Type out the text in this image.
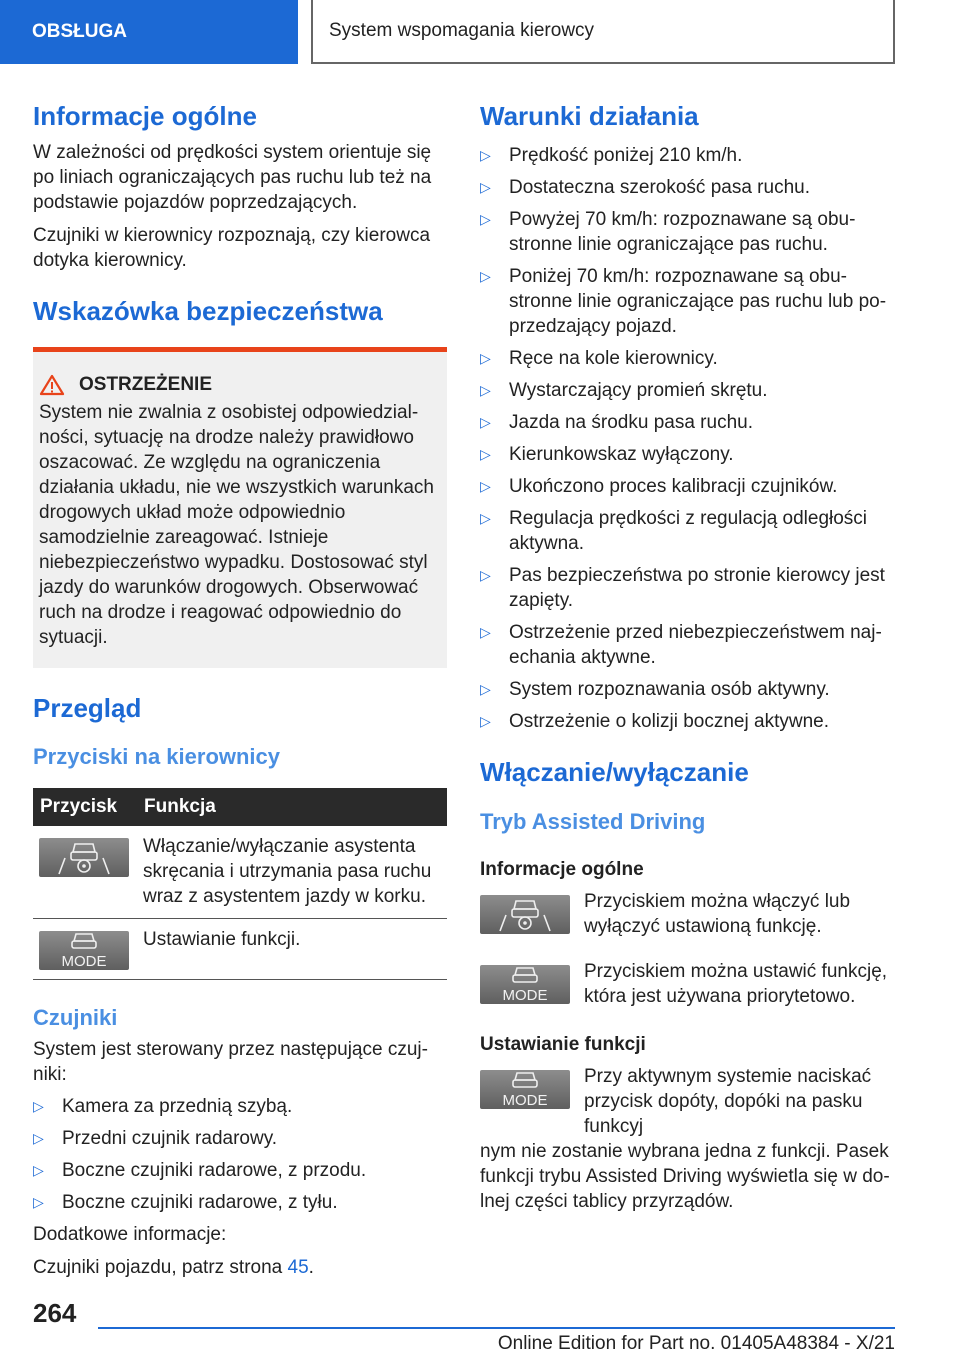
OBSŁUGA	System wspomagania kierowcy
Informacje ogólne

W zależności od prędkości system orientuje się po liniach ograniczających pas ruchu lub też na podstawie pojazdów poprzedzających.

Czujniki w kierownicy rozpoznają, czy kierowca dotyka kierownicy.

Wskazówka bezpieczeństwa
OSTRZEŻENIE

System nie zwalnia z osobistej odpowiedzialności, sytuację na drodze należy prawidłowo oszacować. Ze względu na ograniczenia działania układu, nie we wszystkich warunkach drogowych układ może odpowiednio samodzielnie zareagować. Istnieje niebezpieczeństwo wypadku. Dostosować styl jazdy do warunków drogowych. Obserwować ruch na drodze i reagować odpowiednio do sytuacji.

Przegląd
Przyciski na kierownicy
Przycisk	Funkcja

	Włączanie/wyłączanie asystenta skręcania i utrzymania pasa ruchu wraz z asystentem jazdy w korku.

MODE	Ustawianie funkcji.
Czujniki

System jest sterowany przez następujące czujniki:

▷ Kamera za przednią szybą.
▷ Przedni czujnik radarowy.
▷ Boczne czujniki radarowe, z przodu.
▷ Boczne czujniki radarowe, z tyłu.

Dodatkowe informacje:

Czujniki pojazdu, patrz strona 45.

Warunki działania
▷ Prędkość poniżej 210 km/h.
▷ Dostateczna szerokość pasa ruchu.
▷ Powyżej 70 km/h: rozpoznawane są obustronne linie ograniczające pas ruchu.
▷ Poniżej 70 km/h: rozpoznawane są obustronne linie ograniczające pas ruchu lub poprzedzający pojazd.
▷ Ręce na kole kierownicy.
▷ Wystarczający promień skrętu.
▷ Jazda na środku pasa ruchu.
▷ Kierunkowskaz wyłączony.
▷ Ukończono proces kalibracji czujników.
▷ Regulacja prędkości z regulacją odległości aktywna.
▷ Pas bezpieczeństwa po stronie kierowcy jest zapięty.
▷ Ostrzeżenie przed niebezpieczeństwem najechania aktywne.
▷ System rozpoznawania osób aktywny.
▷ Ostrzeżenie o kolizji bocznej aktywne.
Włączanie/wyłączanie
Tryb Assisted Driving
Informacje ogólne

Przyciskiem można włączyć lub wyłączyć ustawioną funkcję.

MODE

Przyciskiem można ustawić funkcję, która jest używana priorytetowo.

Ustawianie funkcji
MODE

Przy aktywnym systemie naciskać przycisk dopóty, dopóki na pasku funkcyj

nym nie zostanie wybrana jedna z funkcji. Pasek funkcji trybu Assisted Driving wyświetla się w dolnej części tablicy przyrządów.

264
Online Edition for Part no. 01405A48384 - X/21
